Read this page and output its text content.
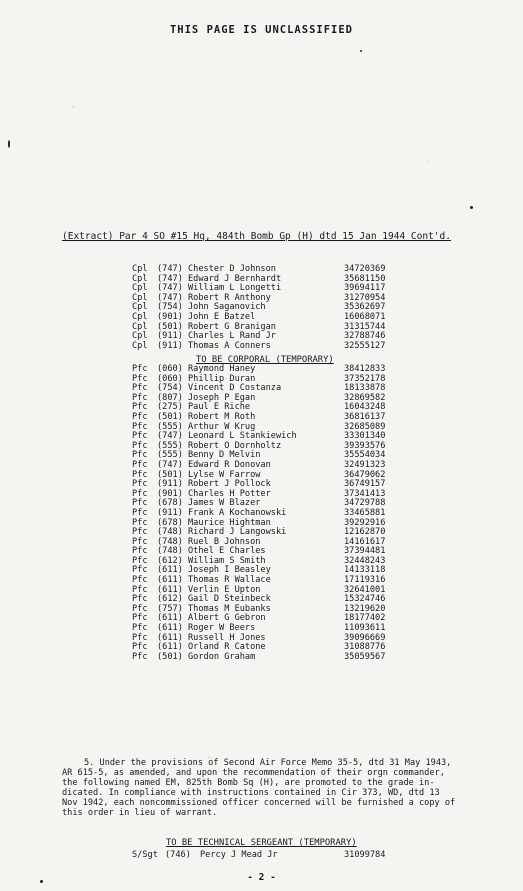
THIS PAGE IS UNCLASSIFIED
(Extract) Par 4 SO #15 Hq, 484th Bomb Gp (H) dtd 15 Jan 1944 Cont'd.
Cpl (747) Chester D Johnson	34720369
Cpl (747) Edward J Bernhardt	35681150
Cpl (747) William L Longetti	39694117
Cpl (747) Robert R Anthony	31270954
Cpl (754) John Saganovich	35362697
Cpl (901) John E Batzel	16068071
Cpl (501) Robert G Branigan	31315744
Cpl (911) Charles L Rand Jr	32788746
Cpl (911) Thomas A Conners	32555127
TO BE CORPORAL (TEMPORARY)
Pfc (060) Raymond Haney	38412833
Pfc (060) Phillip Duran	37352178
Pfc (754) Vincent D Costanza	18133878
Pfc (807) Joseph P Egan	32869582
Pfc (275) Paul E Riche	16043248
Pfc (501) Robert M Roth	36816137
Pfc (555) Arthur W Krug	32685089
Pfc (747) Leonard L Stankiewich	33301340
Pfc (555) Robert O Dornholtz	39393576
Pfc (555) Benny D Melvin	35554034
Pfc (747) Edward R Donovan	32491323
Pfc (501) Lylse W Farrow	36479062
Pfc (911) Robert J Pollock	36749157
Pfc (901) Charles H Potter	37341413
Pfc (678) James W Blazer	34729788
Pfc (911) Frank A Kochanowski	33465881
Pfc (678) Maurice Hightman	39292916
Pfc (748) Richard J Langowski	12162870
Pfc (748) Ruel B Johnson	14161617
Pfc (748) Othel E Charles	37394481
Pfc (612) William S Smith	32448243
Pfc (611) Joseph I Beasley	14133118
Pfc (611) Thomas R Wallace	17119316
Pfc (611) Verlin E Upton	32641001
Pfc (612) Gail D Steinbeck	15324746
Pfc (757) Thomas M Eubanks	13219620
Pfc (611) Albert G Gebron	18177402
Pfc (611) Roger W Beers	11093611
Pfc (611) Russell H Jones	39096669
Pfc (611) Orland R Catone	31088776
Pfc (501) Gordon Graham	35059567

5. Under the provisions of Second Air Force Memo 35-5, dtd 31 May 1943,

AR 615-5, as amended, and upon the recommendation of their orgn commander,

the following named EM, 825th Bomb Sq (H), are promoted to the grade in-

dicated. In compliance with instructions contained in Cir 373, WD, dtd 13

Nov 1942, each noncommissioned officer concerned will be furnished a copy of

this order in lieu of warrant.

TO BE TECHNICAL SERGEANT (TEMPORARY)
S/Sgt (746) Percy J Mead Jr	31099784
- 2 -
